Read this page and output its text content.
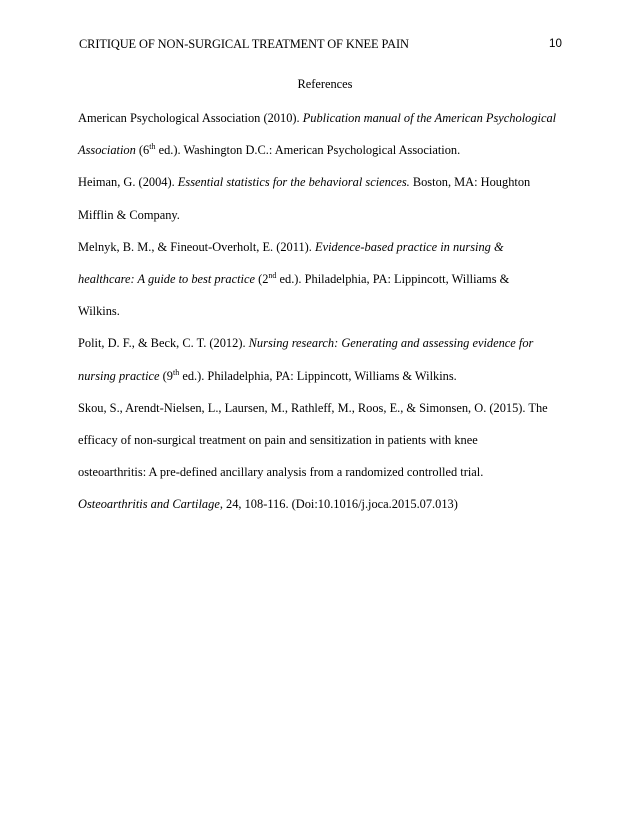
CRITIQUE OF NON-SURGICAL TREATMENT OF KNEE PAIN	10
References
American Psychological Association (2010). Publication manual of the American Psychological
Association (6th ed.). Washington D.C.: American Psychological Association.
Heiman, G. (2004). Essential statistics for the behavioral sciences. Boston, MA: Houghton
Mifflin & Company.
Melnyk, B. M., & Fineout-Overholt, E. (2011). Evidence-based practice in nursing &
healthcare: A guide to best practice (2nd ed.). Philadelphia, PA: Lippincott, Williams &
Wilkins.
Polit, D. F., & Beck, C. T. (2012). Nursing research: Generating and assessing evidence for
nursing practice (9th ed.). Philadelphia, PA: Lippincott, Williams & Wilkins.
Skou, S., Arendt-Nielsen, L., Laursen, M., Rathleff, M., Roos, E., & Simonsen, O. (2015). The
efficacy of non-surgical treatment on pain and sensitization in patients with knee
osteoarthritis: A pre-defined ancillary analysis from a randomized controlled trial.
Osteoarthritis and Cartilage, 24, 108-116. (Doi:10.1016/j.joca.2015.07.013)
